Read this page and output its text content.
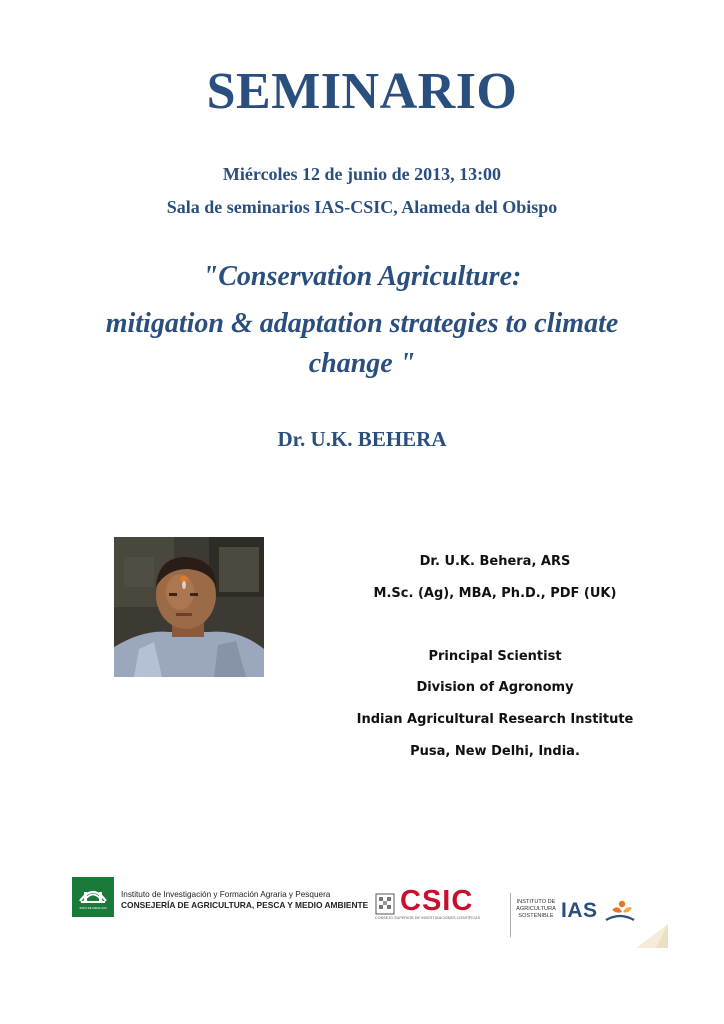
SEMINARIO
Miércoles 12 de junio de 2013, 13:00
Sala de seminarios IAS-CSIC, Alameda del Obispo
"Conservation Agriculture:
mitigation & adaptation strategies to climate
change "
Dr. U.K. BEHERA
Dr. U.K. Behera, ARS
M.Sc. (Ag), MBA, Ph.D., PDF (UK)
Principal Scientist
Division of Agronomy
Indian Agricultural Research Institute
Pusa, New Delhi, India.
JUNTA DE ANDALUCIA
Instituto de Investigación y Formación Agraria y Pesquera
CONSEJERÍA DE AGRICULTURA, PESCA Y MEDIO AMBIENTE CSIC
CONSEJO SUPERIOR DE INVESTIGACIONES CIENTÍFICAS
INSTITUTO DE
AGRICULTURA
SOSTENIBLE IAS
